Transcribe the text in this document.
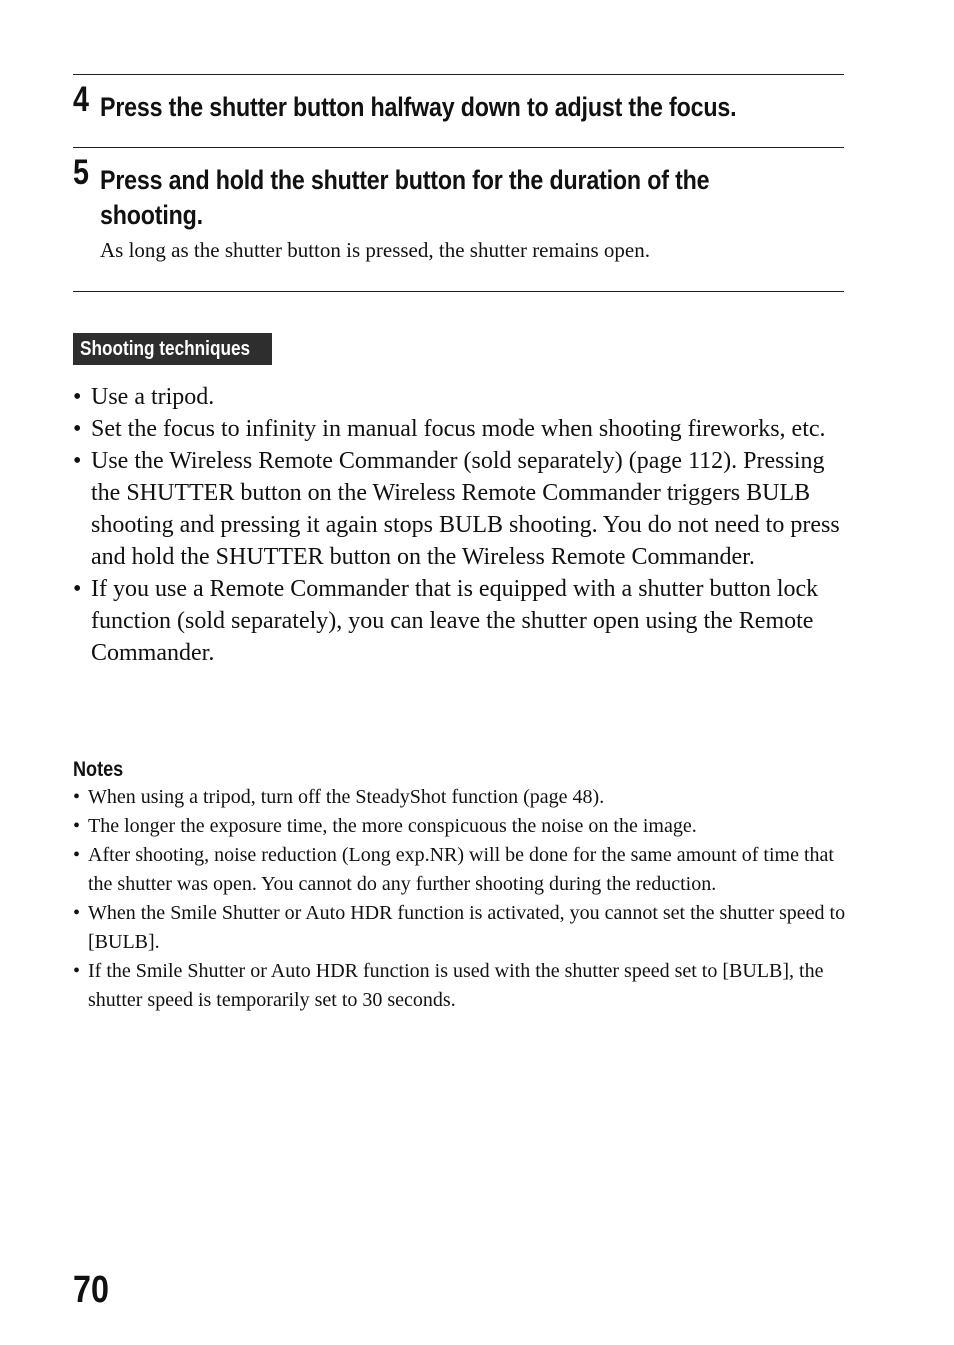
4 Press the shutter button halfway down to adjust the focus.
5 Press and hold the shutter button for the duration of the
shooting.
As long as the shutter button is pressed, the shutter remains open.
Shooting techniques
• Use a tripod.
• Set the focus to infinity in manual focus mode when shooting fireworks, etc.
• Use the Wireless Remote Commander (sold separately) (page 112). Pressing the SHUTTER button on the Wireless Remote Commander triggers BULB shooting and pressing it again stops BULB shooting. You do not need to press and hold the SHUTTER button on the Wireless Remote Commander.
• If you use a Remote Commander that is equipped with a shutter button lock function (sold separately), you can leave the shutter open using the Remote Commander.
Notes
• When using a tripod, turn off the SteadyShot function (page 48).
• The longer the exposure time, the more conspicuous the noise on the image.
• After shooting, noise reduction (Long exp.NR) will be done for the same amount of time that the shutter was open. You cannot do any further shooting during the reduction.
• When the Smile Shutter or Auto HDR function is activated, you cannot set the shutter speed to [BULB].
• If the Smile Shutter or Auto HDR function is used with the shutter speed set to [BULB], the shutter speed is temporarily set to 30 seconds.
70
